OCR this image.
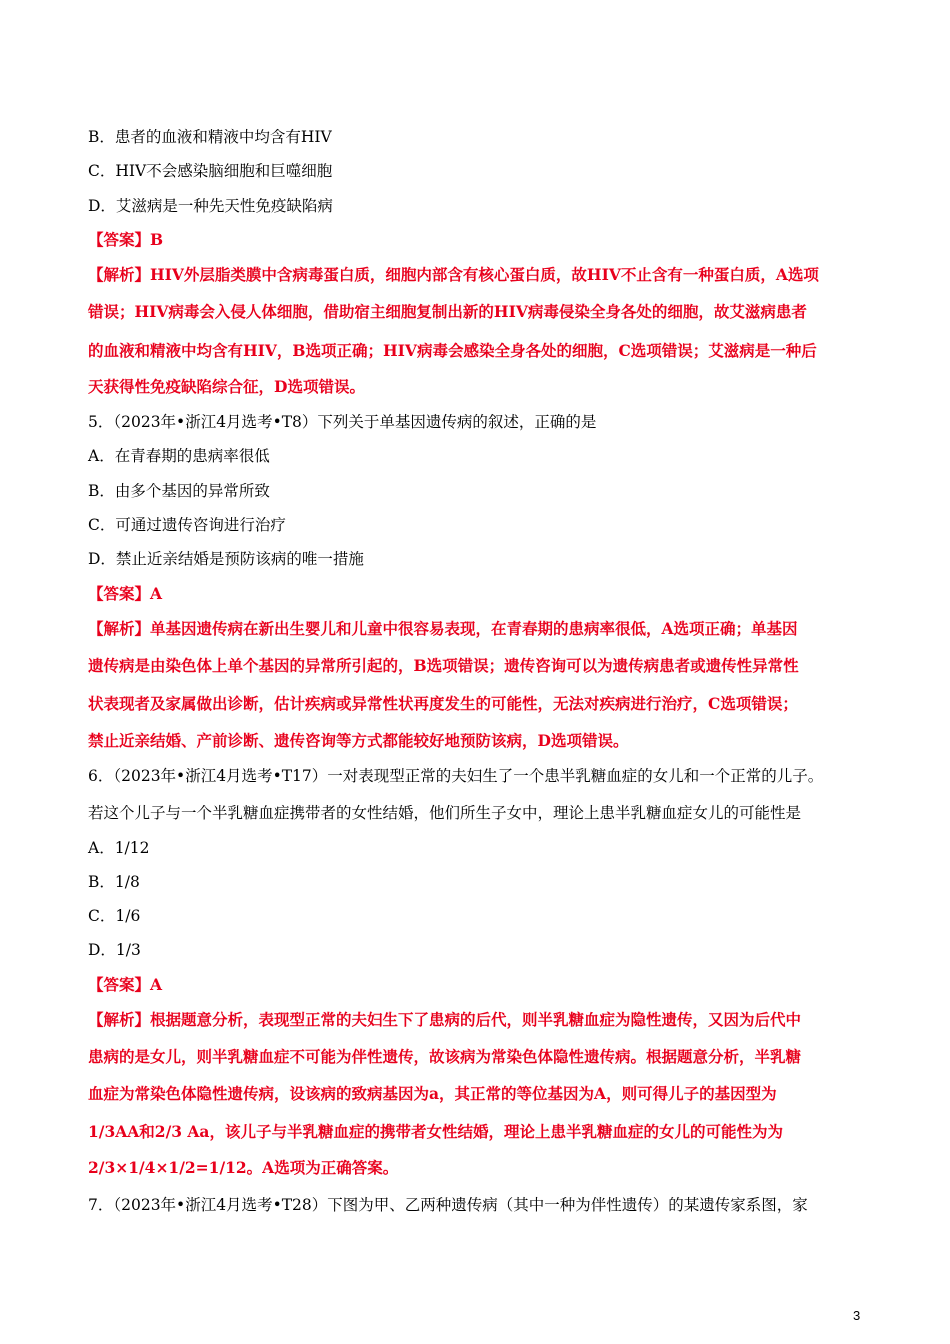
B．患者的血液和精液中均含有HIV
C．HIV不会感染脑细胞和巨噬细胞
D．艾滋病是一种先天性免疫缺陷病
【答案】B
【解析】HIV外层脂类膜中含病毒蛋白质，细胞内部含有核心蛋白质，故HIV不止含有一种蛋白质，A选项
错误；HIV病毒会入侵人体细胞，借助宿主细胞复制出新的HIV病毒侵染全身各处的细胞，故艾滋病患者
的血液和精液中均含有HIV，B选项正确；HIV病毒会感染全身各处的细胞，C选项错误；艾滋病是一种后
天获得性免疫缺陷综合征，D选项错误。
5．（2023年•浙江4月选考•T8）下列关于单基因遗传病的叙述，正确的是
A．在青春期的患病率很低
B．由多个基因的异常所致
C．可通过遗传咨询进行治疗
D．禁止近亲结婚是预防该病的唯一措施
【答案】A
【解析】单基因遗传病在新出生婴儿和儿童中很容易表现，在青春期的患病率很低，A选项正确；单基因
遗传病是由染色体上单个基因的异常所引起的，B选项错误；遗传咨询可以为遗传病患者或遗传性异常性
状表现者及家属做出诊断，估计疾病或异常性状再度发生的可能性，无法对疾病进行治疗，C选项错误；
禁止近亲结婚、产前诊断、遗传咨询等方式都能较好地预防该病，D选项错误。
6．（2023年•浙江4月选考•T17）一对表现型正常的夫妇生了一个患半乳糖血症的女儿和一个正常的儿子。
若这个儿子与一个半乳糖血症携带者的女性结婚，他们所生子女中，理论上患半乳糖血症女儿的可能性是
A．1/12
B．1/8
C．1/6
D．1/3
【答案】A
【解析】根据题意分析，表现型正常的夫妇生下了患病的后代，则半乳糖血症为隐性遗传，又因为后代中
患病的是女儿，则半乳糖血症不可能为伴性遗传，故该病为常染色体隐性遗传病。根据题意分析，半乳糖
血症为常染色体隐性遗传病，设该病的致病基因为a，其正常的等位基因为A，则可得儿子的基因型为
1/3AA和2/3 Aa，该儿子与半乳糖血症的携带者女性结婚，理论上患半乳糖血症的女儿的可能性为为
2/3×1/4×1/2=1/12。A选项为正确答案。
7．（2023年•浙江4月选考•T28）下图为甲、乙两种遗传病（其中一种为伴性遗传）的某遗传家系图，家
3
